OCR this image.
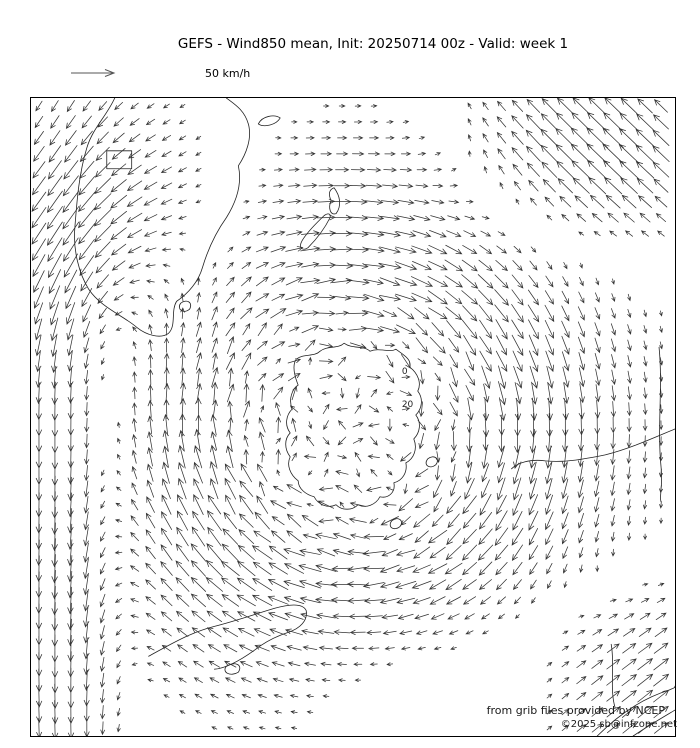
GEFS - Wind850 mean, Init: 20250714 00z - Valid: week 1
50 km/h
0
20
from grib files provided by NCEP
©2025 sb@infzone.net
